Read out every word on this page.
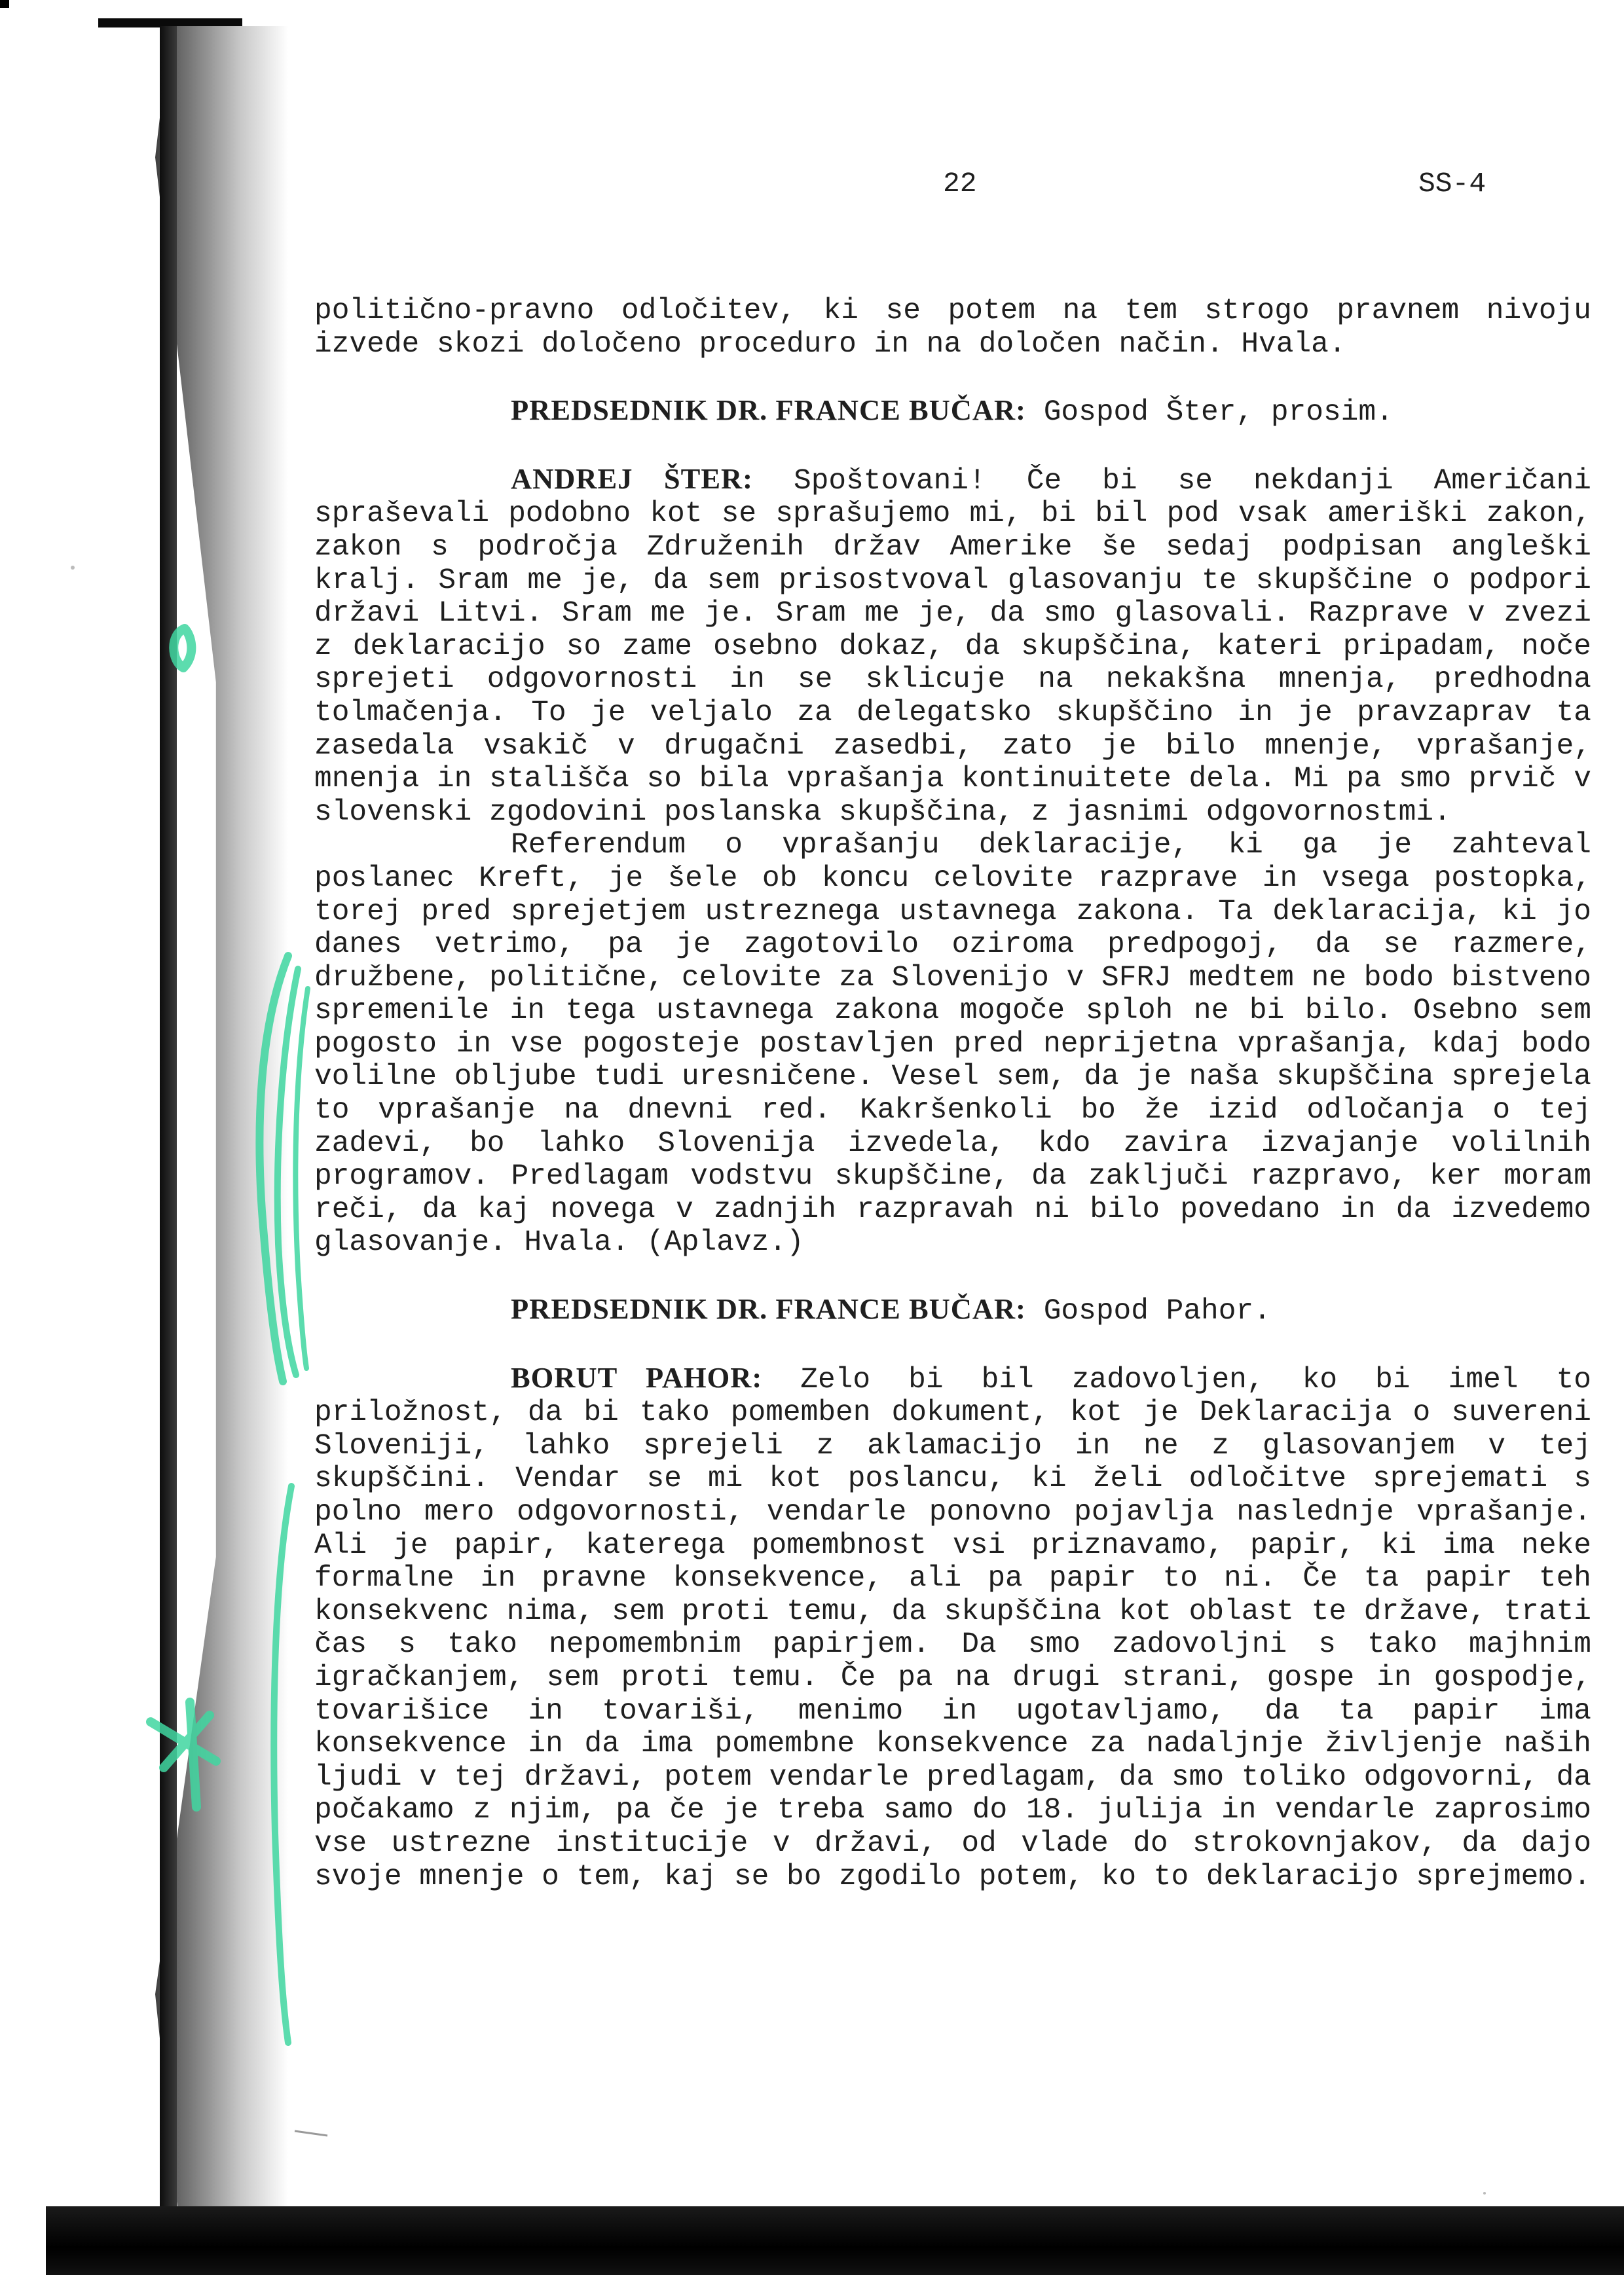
22	SS-4

politično-pravno odločitev, ki se potem na tem strogo pravnem nivoju izvede skozi določeno proceduro in na določen način. Hvala.

PREDSEDNIK DR. FRANCE BUČAR: Gospod Šter, prosim.

ANDREJ ŠTER: Spoštovani! Če bi se nekdanji Američani spraševali podobno kot se sprašujemo mi, bi bil pod vsak ameriški zakon, zakon s področja Združenih držav Amerike še sedaj podpisan angleški kralj. Sram me je, da sem prisostvoval glasovanju te skupščine o podpori državi Litvi. Sram me je. Sram me je, da smo glasovali. Razprave v zvezi z deklaracijo so zame osebno dokaz, da skupščina, kateri pripadam, noče sprejeti odgovornosti in se sklicuje na nekakšna mnenja, predhodna tolmačenja. To je veljalo za delegatsko skupščino in je pravzaprav ta zasedala vsakič v drugačni zasedbi, zato je bilo mnenje, vprašanje, mnenja in stališča so bila vprašanja kontinuitete dela. Mi pa smo prvič v slovenski zgodovini poslanska skupščina, z jasnimi odgovornostmi.

Referendum o vprašanju deklaracije, ki ga je zahteval poslanec Kreft, je šele ob koncu celovite razprave in vsega postopka, torej pred sprejetjem ustreznega ustavnega zakona. Ta deklaracija, ki jo danes vetrimo, pa je zagotovilo oziroma predpogoj, da se razmere, družbene, politične, celovite za Slovenijo v SFRJ medtem ne bodo bistveno spremenile in tega ustavnega zakona mogoče sploh ne bi bilo. Osebno sem pogosto in vse pogosteje postavljen pred neprijetna vprašanja, kdaj bodo volilne obljube tudi uresničene. Vesel sem, da je naša skupščina sprejela to vprašanje na dnevni red. Kakršenkoli bo že izid odločanja o tej zadevi, bo lahko Slovenija izvedela, kdo zavira izvajanje volilnih programov. Predlagam vodstvu skupščine, da zaključi razpravo, ker moram reči, da kaj novega v zadnjih razpravah ni bilo povedano in da izvedemo glasovanje. Hvala. (Aplavz.)

PREDSEDNIK DR. FRANCE BUČAR: Gospod Pahor.

BORUT PAHOR: Zelo bi bil zadovoljen, ko bi imel to priložnost, da bi tako pomemben dokument, kot je Deklaracija o suvereni Sloveniji, lahko sprejeli z aklamacijo in ne z glasovanjem v tej skupščini. Vendar se mi kot poslancu, ki želi odločitve sprejemati s polno mero odgovornosti, vendarle ponovno pojavlja naslednje vprašanje. Ali je papir, katerega pomembnost vsi priznavamo, papir, ki ima neke formalne in pravne konsekvence, ali pa papir to ni. Če ta papir teh konsekvenc nima, sem proti temu, da skupščina kot oblast te države, trati čas s tako nepomembnim papirjem. Da smo zadovoljni s tako majhnim igračkanjem, sem proti temu. Če pa na drugi strani, gospe in gospodje, tovarišice in tovariši, menimo in ugotavljamo, da ta papir ima konsekvence in da ima pomembne konsekvence za nadaljnje življenje naših ljudi v tej državi, potem vendarle predlagam, da smo toliko odgovorni, da počakamo z njim, pa če je treba samo do 18. julija in vendarle zaprosimo vse ustrezne institucije v državi, od vlade do strokovnjakov, da dajo svoje mnenje o tem, kaj se bo zgodilo potem, ko to deklaracijo sprejmemo.
